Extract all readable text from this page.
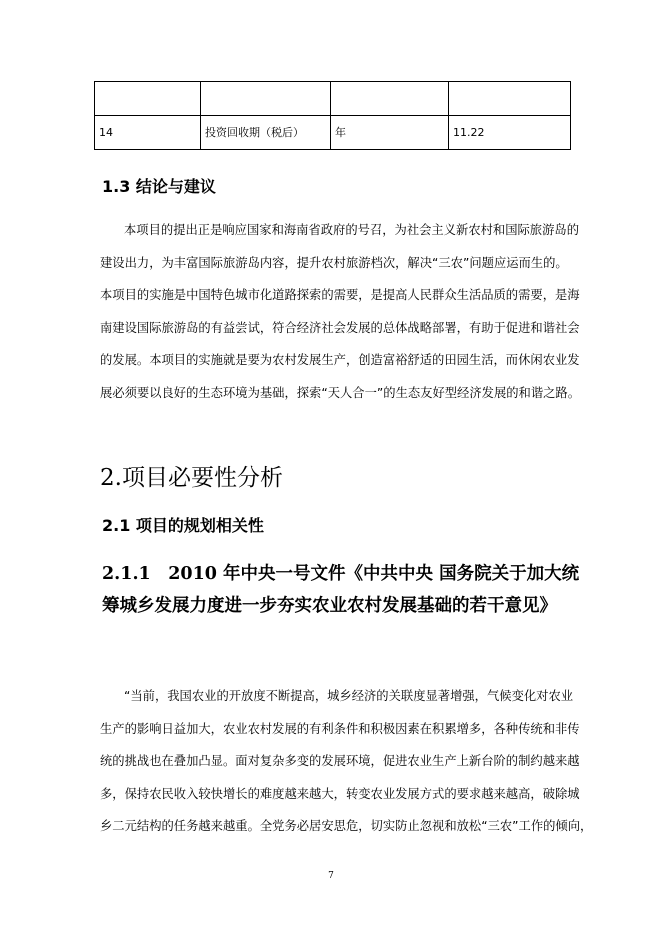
14	投资回收期（税后）	年	11.22
1.3 结论与建议
本项目的提出正是响应国家和海南省政府的号召，为社会主义新农村和国际旅游岛的
建设出力，为丰富国际旅游岛内容，提升农村旅游档次，解决“三农”问题应运而生的。
本项目的实施是中国特色城市化道路探索的需要，是提高人民群众生活品质的需要，是海
南建设国际旅游岛的有益尝试，符合经济社会发展的总体战略部署，有助于促进和谐社会
的发展。本项目的实施就是要为农村发展生产，创造富裕舒适的田园生活，而休闲农业发
展必须要以良好的生态环境为基础，探索“天人合一”的生态友好型经济发展的和谐之路。
2.项目必要性分析
2.1 项目的规划相关性
2.1.1　2010 年中央一号文件《中共中央 国务院关于加大统
筹城乡发展力度进一步夯实农业农村发展基础的若干意见》
“当前，我国农业的开放度不断提高，城乡经济的关联度显著增强，气候变化对农业
生产的影响日益加大，农业农村发展的有利条件和积极因素在积累增多，各种传统和非传
统的挑战也在叠加凸显。面对复杂多变的发展环境，促进农业生产上新台阶的制约越来越
多，保持农民收入较快增长的难度越来越大，转变农业发展方式的要求越来越高，破除城
乡二元结构的任务越来越重。全党务必居安思危，切实防止忽视和放松“三农”工作的倾向，
7
